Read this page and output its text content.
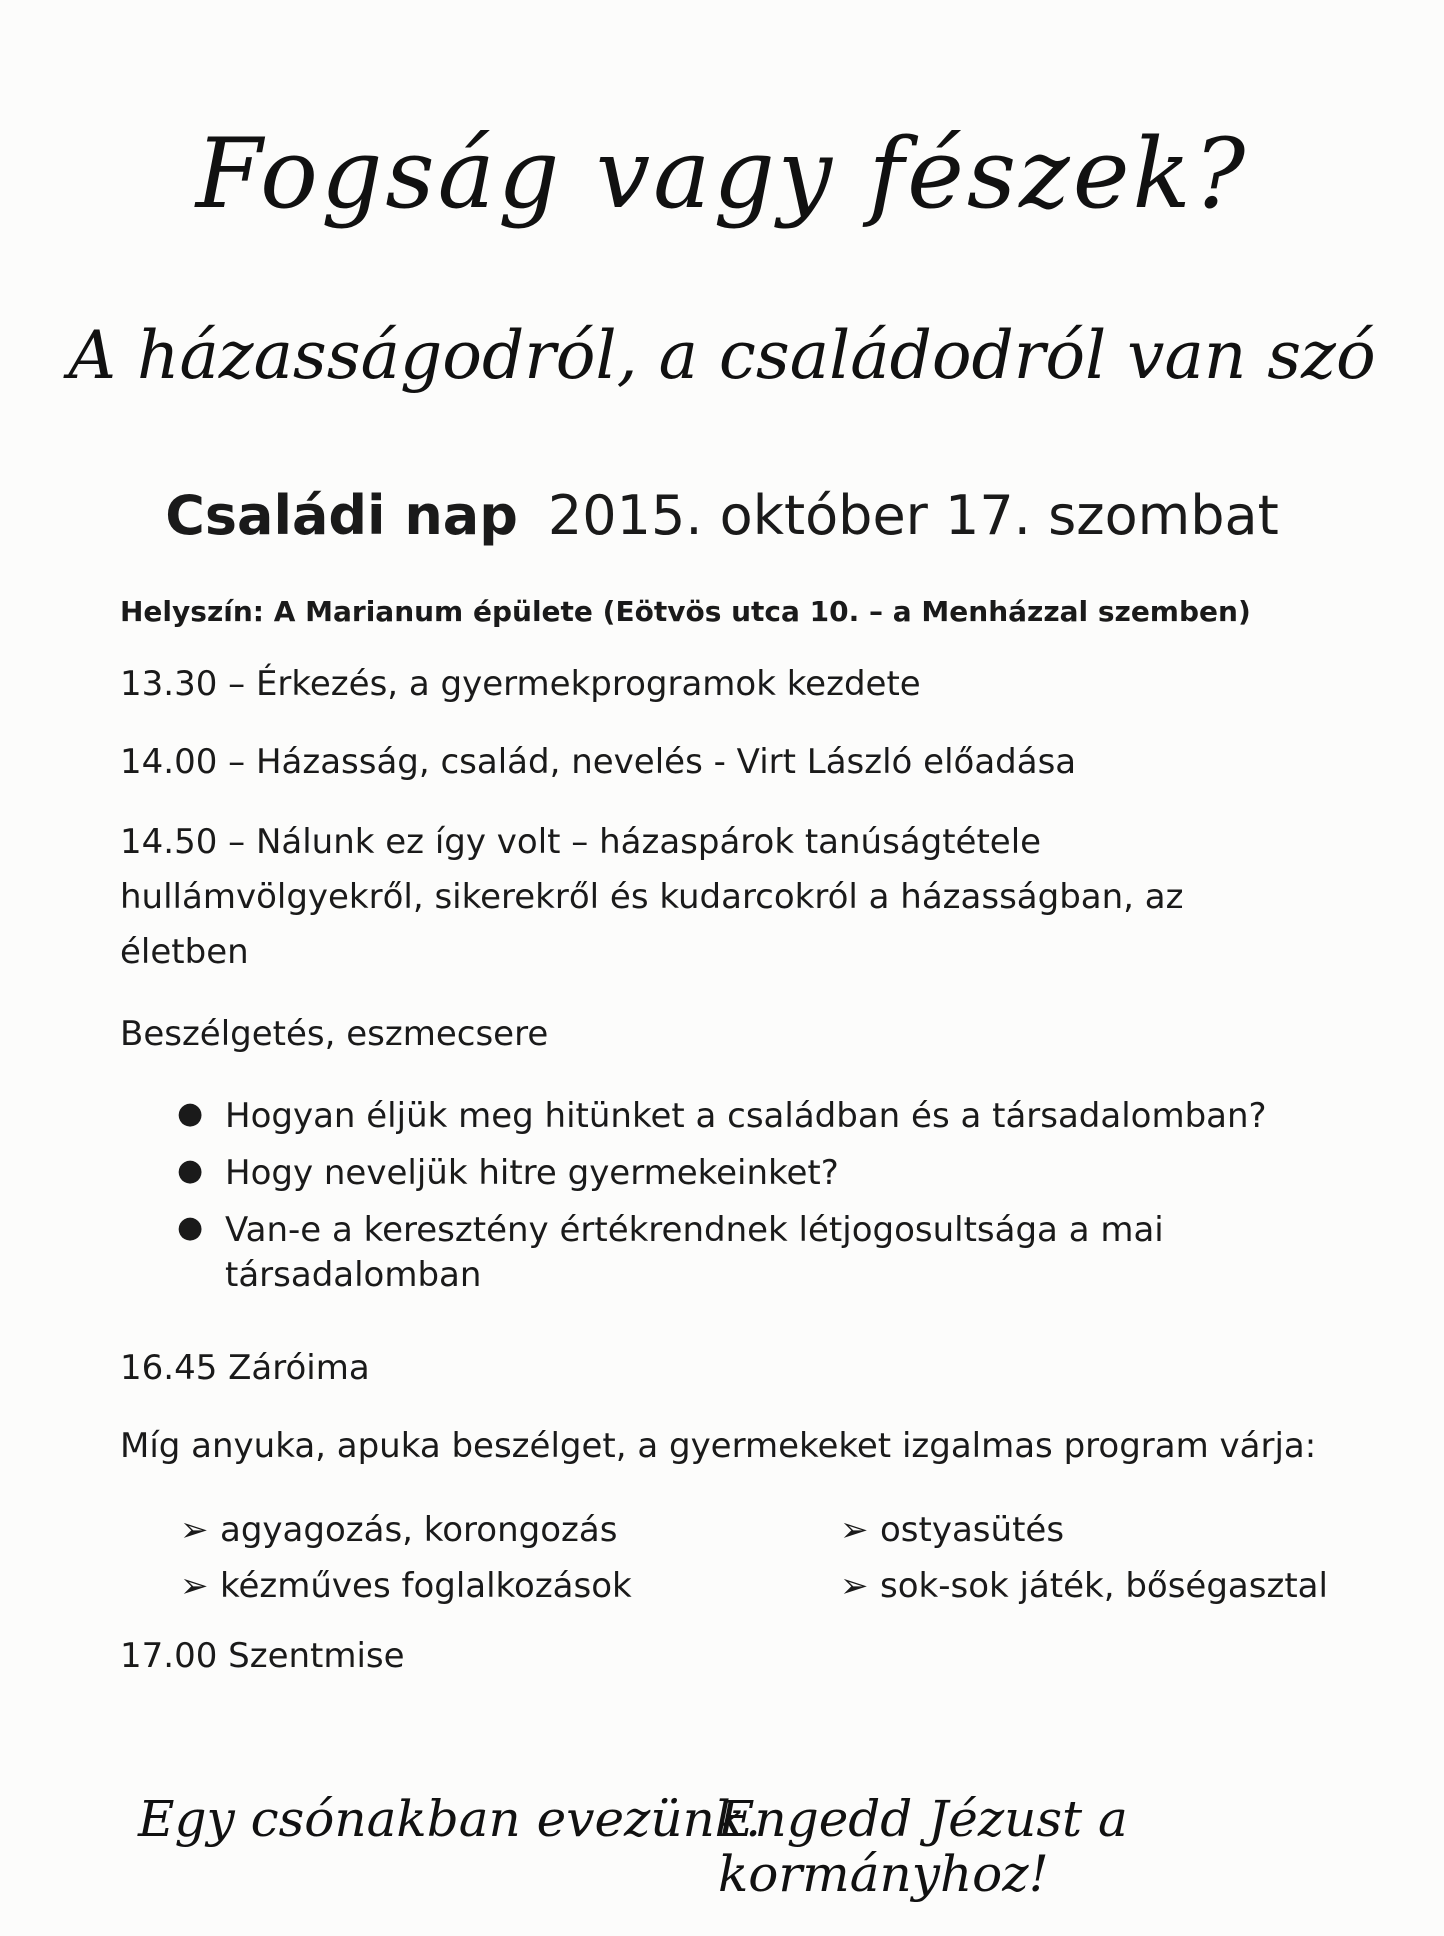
Fogság vagy fészek?
A házasságodról, a családodról van szó
Családi nap 2015. október 17. szombat
Helyszín: A Marianum épülete (Eötvös utca 10. – a Menházzal szemben)
13.30 – Érkezés, a gyermekprogramok kezdete
14.00 – Házasság, család, nevelés - Virt László előadása
14.50 – Nálunk ez így volt – házaspárok tanúságtétele
hullámvölgyekről, sikerekről és kudarcokról a házasságban, az
életben
Beszélgetés, eszmecsere
● Hogyan éljük meg hitünket a családban és a társadalomban?
● Hogy neveljük hitre gyermekeinket?
● Van-e a keresztény értékrendnek létjogosultsága a mai
társadalomban
16.45 Záróima
Míg anyuka, apuka beszélget, a gyermekeket izgalmas program várja:
➢ agyagozás, korongozás
➢ kézműves foglalkozások
➢ ostyasütés
➢ sok-sok játék, bőségasztal
17.00 Szentmise
Egy csónakban evezünk.
Engedd Jézust a kormányhoz!
